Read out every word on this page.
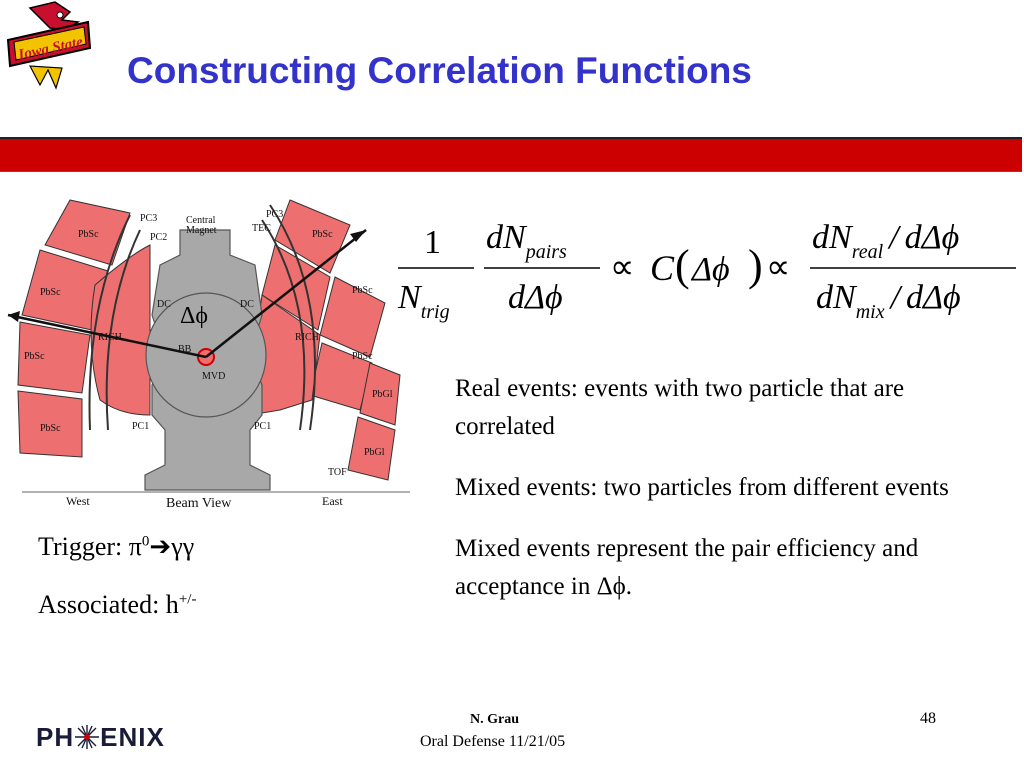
Iowa State
Constructing Correlation Functions
PC3
PC2
Central
Magnet
PC3
TEC
PbSc
PbSc
PbSc
PbSc
PbSc
PbSc
PbSc
PbGl
PbGl
DC	DC
RICH	RICH
BB
MVD
PC1	PC1
TOF
West	Beam View	East
Δϕ
1
$N_{trig}$
$dN_{pairs}$
dΔϕ
∝ C ( Δϕ ) ∝
$dN_{real}$ / dΔϕ
$dN_{mix}$ / dΔϕ

Real events: events with two particle that are correlated

Mixed events: two particles from different events

Mixed events represent the pair efficiency and acceptance in Δϕ.

Trigger: $\pi^0➔\gamma\gamma$
Associated: h+/-
PH ENIX
N. Grau
Oral Defense 11/21/05
48
